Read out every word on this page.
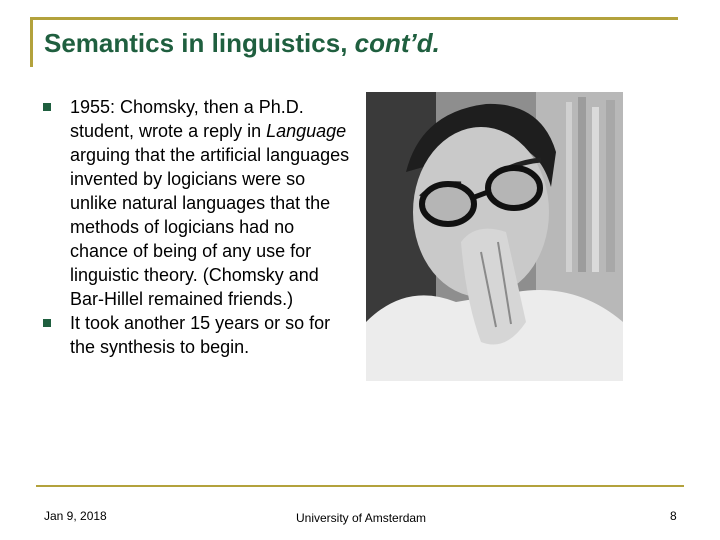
Semantics in linguistics, cont’d.
1955: Chomsky, then a Ph.D. student, wrote a reply in Language arguing that the artificial languages invented by logicians were so unlike natural languages that the methods of logicians had no chance of being of any use for linguistic theory. (Chomsky and Bar-Hillel remained friends.)
It took another 15 years or so for the synthesis to begin.
Jan 9, 2018	University of Amsterdam	8
